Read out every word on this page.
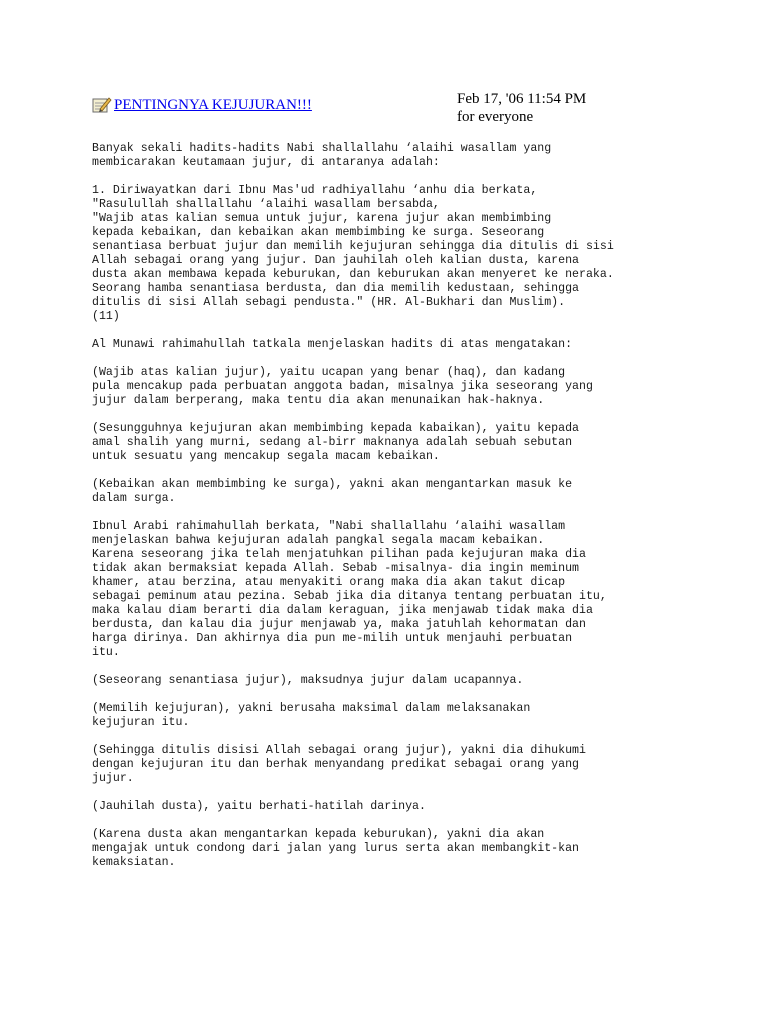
PENTINGNYA KEJUJURAN!!!	Feb 17, '06 11:54 PM
for everyone
Banyak sekali hadits-hadits Nabi shallallahu ‘alaihi wasallam yang
membicarakan keutamaan jujur, di antaranya adalah:
1. Diriwayatkan dari Ibnu Mas'ud radhiyallahu ‘anhu dia berkata,
"Rasulullah shallallahu ‘alaihi wasallam bersabda,
"Wajib atas kalian semua untuk jujur, karena jujur akan membimbing
kepada kebaikan, dan kebaikan akan membimbing ke surga. Seseorang
senantiasa berbuat jujur dan memilih kejujuran sehingga dia ditulis di sisi
Allah sebagai orang yang jujur. Dan jauhilah oleh kalian dusta, karena
dusta akan membawa kepada keburukan, dan keburukan akan menyeret ke neraka.
Seorang hamba senantiasa berdusta, dan dia memilih kedustaan, sehingga
ditulis di sisi Allah sebagi pendusta." (HR. Al-Bukhari dan Muslim).
(11)
Al Munawi rahimahullah tatkala menjelaskan hadits di atas mengatakan:
(Wajib atas kalian jujur), yaitu ucapan yang benar (haq), dan kadang
pula mencakup pada perbuatan anggota badan, misalnya jika seseorang yang
jujur dalam berperang, maka tentu dia akan menunaikan hak-haknya.
(Sesungguhnya kejujuran akan membimbing kepada kabaikan), yaitu kepada
amal shalih yang murni, sedang al-birr maknanya adalah sebuah sebutan
untuk sesuatu yang mencakup segala macam kebaikan.
(Kebaikan akan membimbing ke surga), yakni akan mengantarkan masuk ke
dalam surga.
Ibnul Arabi rahimahullah berkata, "Nabi shallallahu ‘alaihi wasallam
menjelaskan bahwa kejujuran adalah pangkal segala macam kebaikan.
Karena seseorang jika telah menjatuhkan pilihan pada kejujuran maka dia
tidak akan bermaksiat kepada Allah. Sebab -misalnya- dia ingin meminum
khamer, atau berzina, atau menyakiti orang maka dia akan takut dicap
sebagai peminum atau pezina. Sebab jika dia ditanya tentang perbuatan itu,
maka kalau diam berarti dia dalam keraguan, jika menjawab tidak maka dia
berdusta, dan kalau dia jujur menjawab ya, maka jatuhlah kehormatan dan
harga dirinya. Dan akhirnya dia pun me-milih untuk menjauhi perbuatan
itu.
(Seseorang senantiasa jujur), maksudnya jujur dalam ucapannya.
(Memilih kejujuran), yakni berusaha maksimal dalam melaksanakan
kejujuran itu.
(Sehingga ditulis disisi Allah sebagai orang jujur), yakni dia dihukumi
dengan kejujuran itu dan berhak menyandang predikat sebagai orang yang
jujur.
(Jauhilah dusta), yaitu berhati-hatilah darinya.
(Karena dusta akan mengantarkan kepada keburukan), yakni dia akan
mengajak untuk condong dari jalan yang lurus serta akan membangkit-kan
kemaksiatan.
